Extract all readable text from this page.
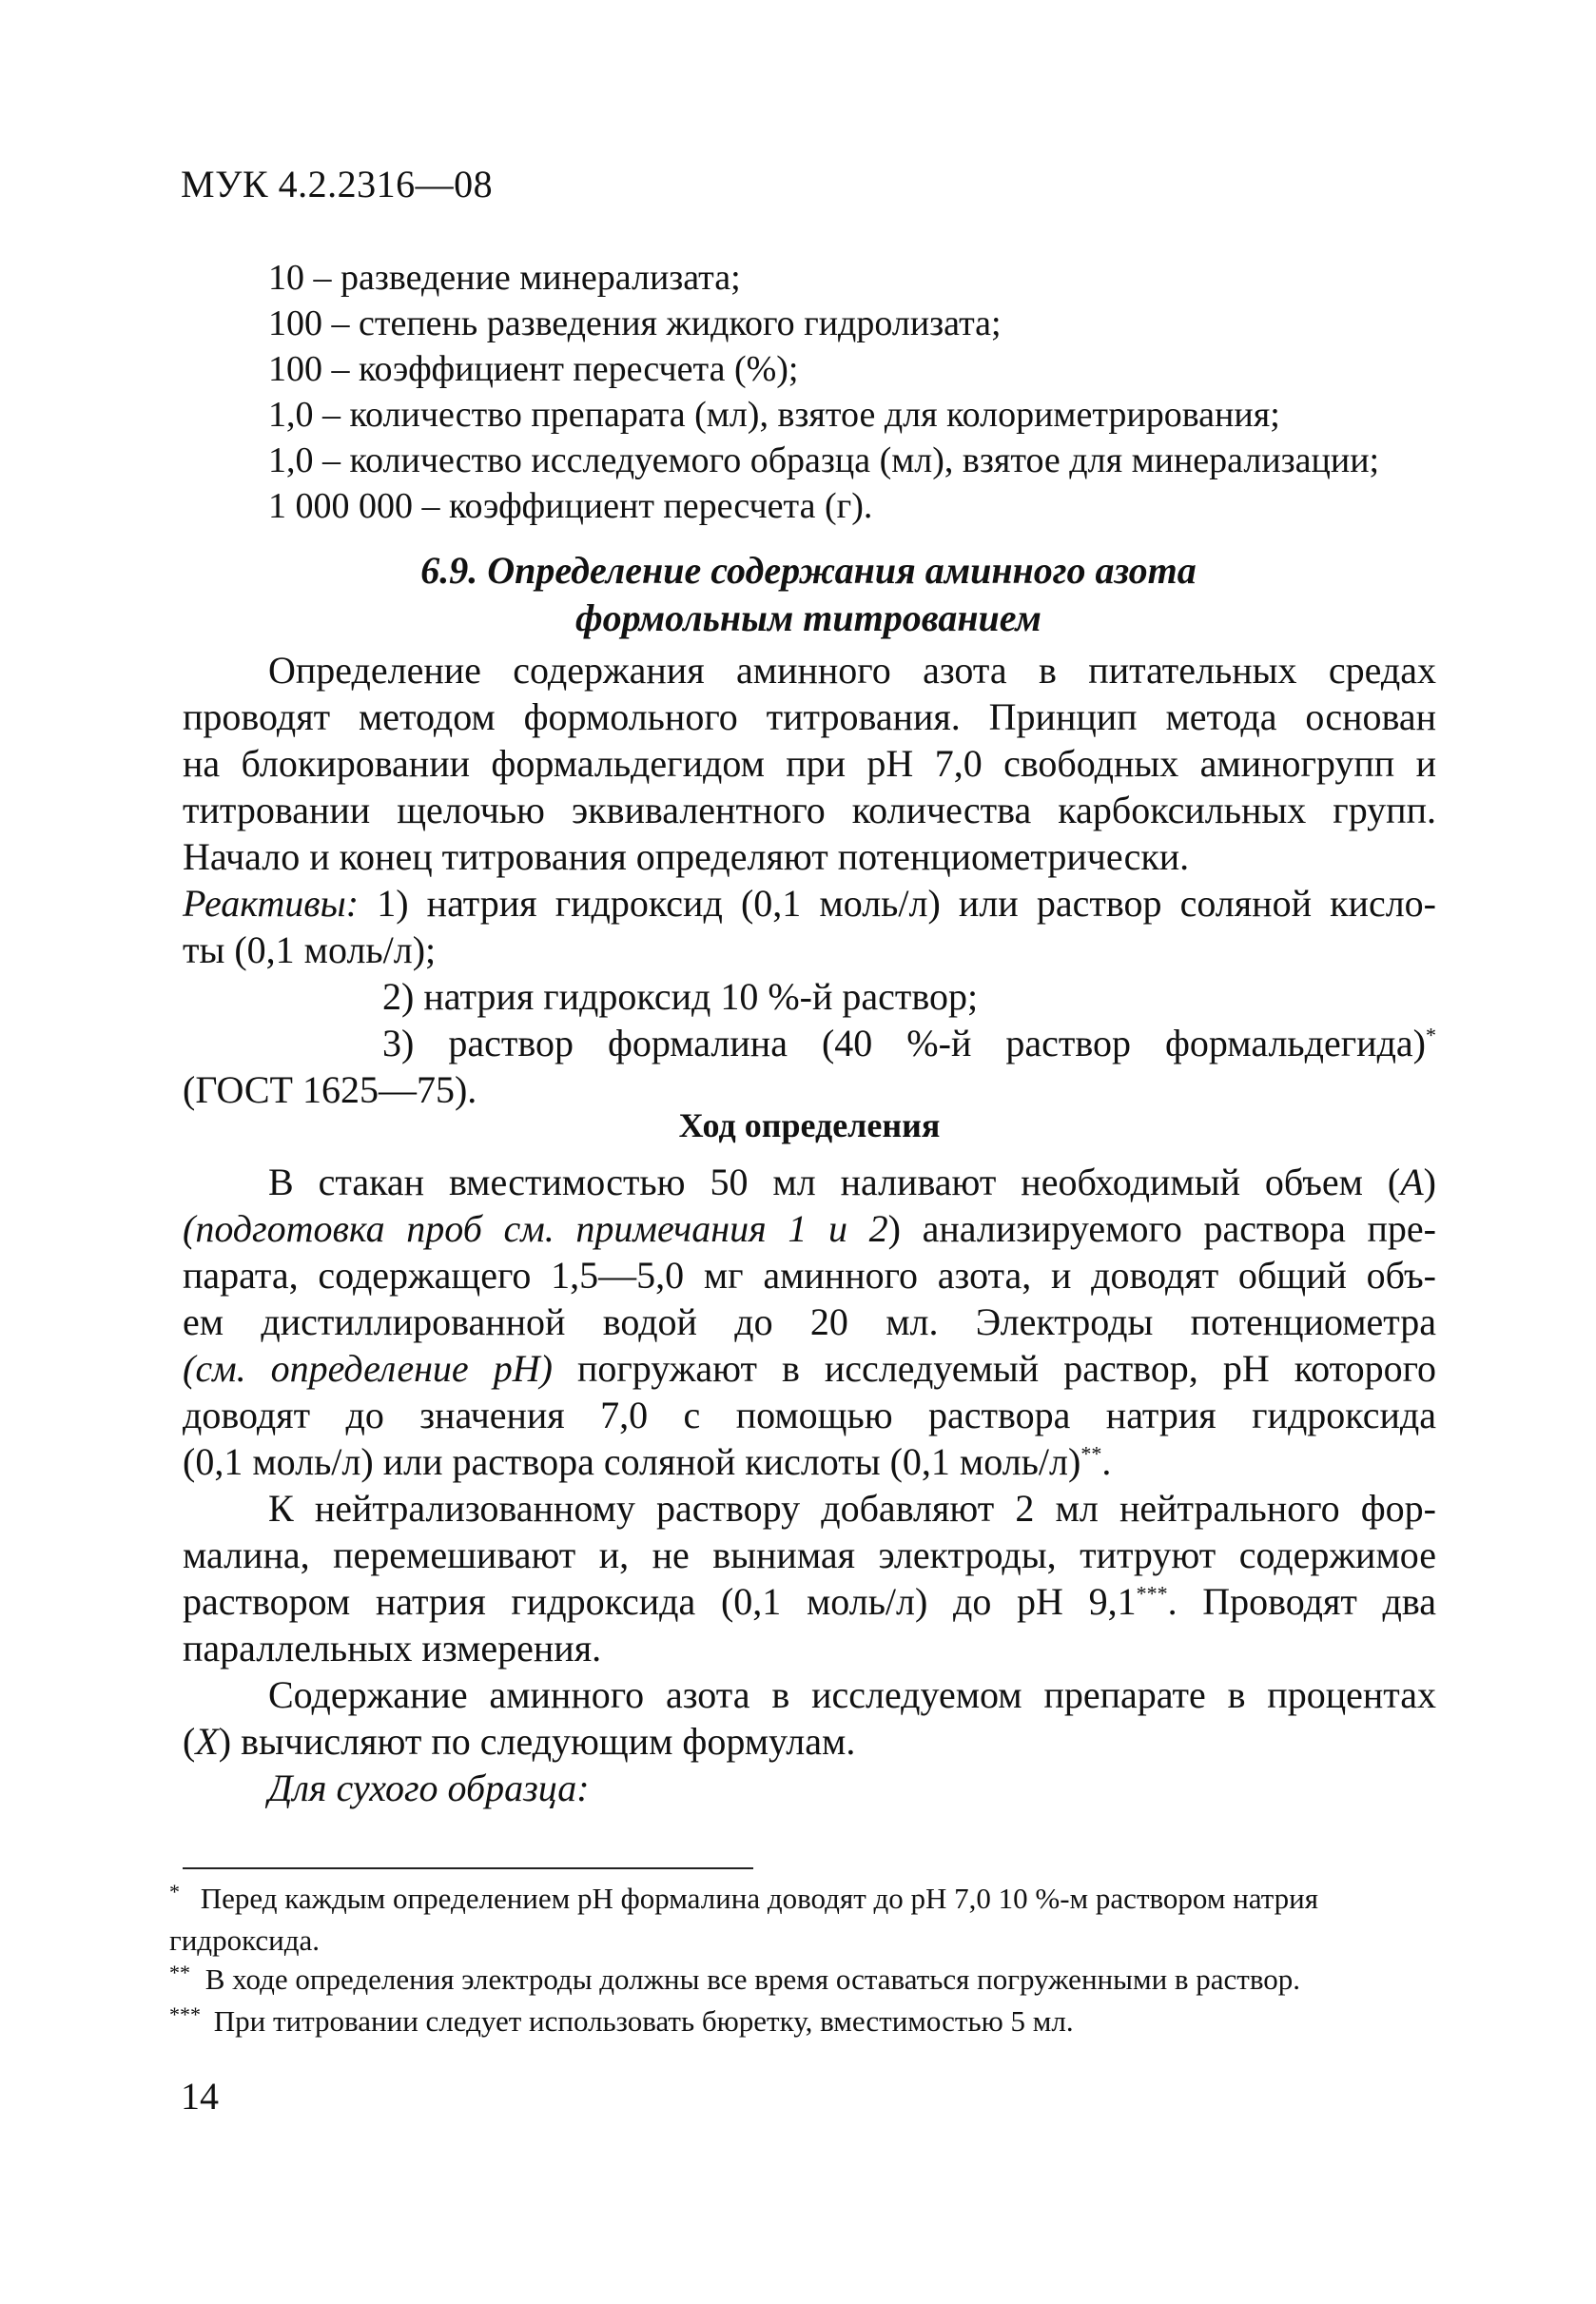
МУК 4.2.2316—08
10 – разведение минерализата;
100 – степень разведения жидкого гидролизата;
100 – коэффициент пересчета (%);
1,0 – количество препарата (мл), взятое для колориметрирования;
1,0 – количество исследуемого образца (мл), взятое для минерализации;
1 000 000 – коэффициент пересчета (г).
6.9. Определение содержания аминного азота
формольным титрованием
Определение содержания аминного азота в питательных средах
проводят методом формольного титрования. Принцип метода основан
на блокировании формальдегидом при pH 7,0 свободных аминогрупп и
титровании щелочью эквивалентного количества карбоксильных групп.
Начало и конец титрования определяют потенциометрически.
Реактивы: 1) натрия гидроксид (0,1 моль/л) или раствор соляной кисло-
ты (0,1 моль/л);
2) натрия гидроксид 10 %-й раствор;
3) раствор формалина (40 %-й раствор формальдегида)*
(ГОСТ 1625—75).
Ход определения
В стакан вместимостью 50 мл наливают необходимый объем (А)
(подготовка проб см. примечания 1 и 2) анализируемого раствора пре-
парата, содержащего 1,5—5,0 мг аминного азота, и доводят общий объ-
ем дистиллированной водой до 20 мл. Электроды потенциометра
(см. определение pH) погружают в исследуемый раствор, pH которого
доводят до значения 7,0 с помощью раствора натрия гидроксида
(0,1 моль/л) или раствора соляной кислоты (0,1 моль/л)**.
К нейтрализованному раствору добавляют 2 мл нейтрального фор-
малина, перемешивают и, не вынимая электроды, титруют содержимое
раствором натрия гидроксида (0,1 моль/л) до pH 9,1***. Проводят два
параллельных измерения.
Содержание аминного азота в исследуемом препарате в процентах
(X) вычисляют по следующим формулам.
Для сухого образца:
* Перед каждым определением pH формалина доводят до pH 7,0 10 %-м раствором натрия гидроксида.
** В ходе определения электроды должны все время оставаться погруженными в раствор.
*** При титровании следует использовать бюретку, вместимостью 5 мл.
14
